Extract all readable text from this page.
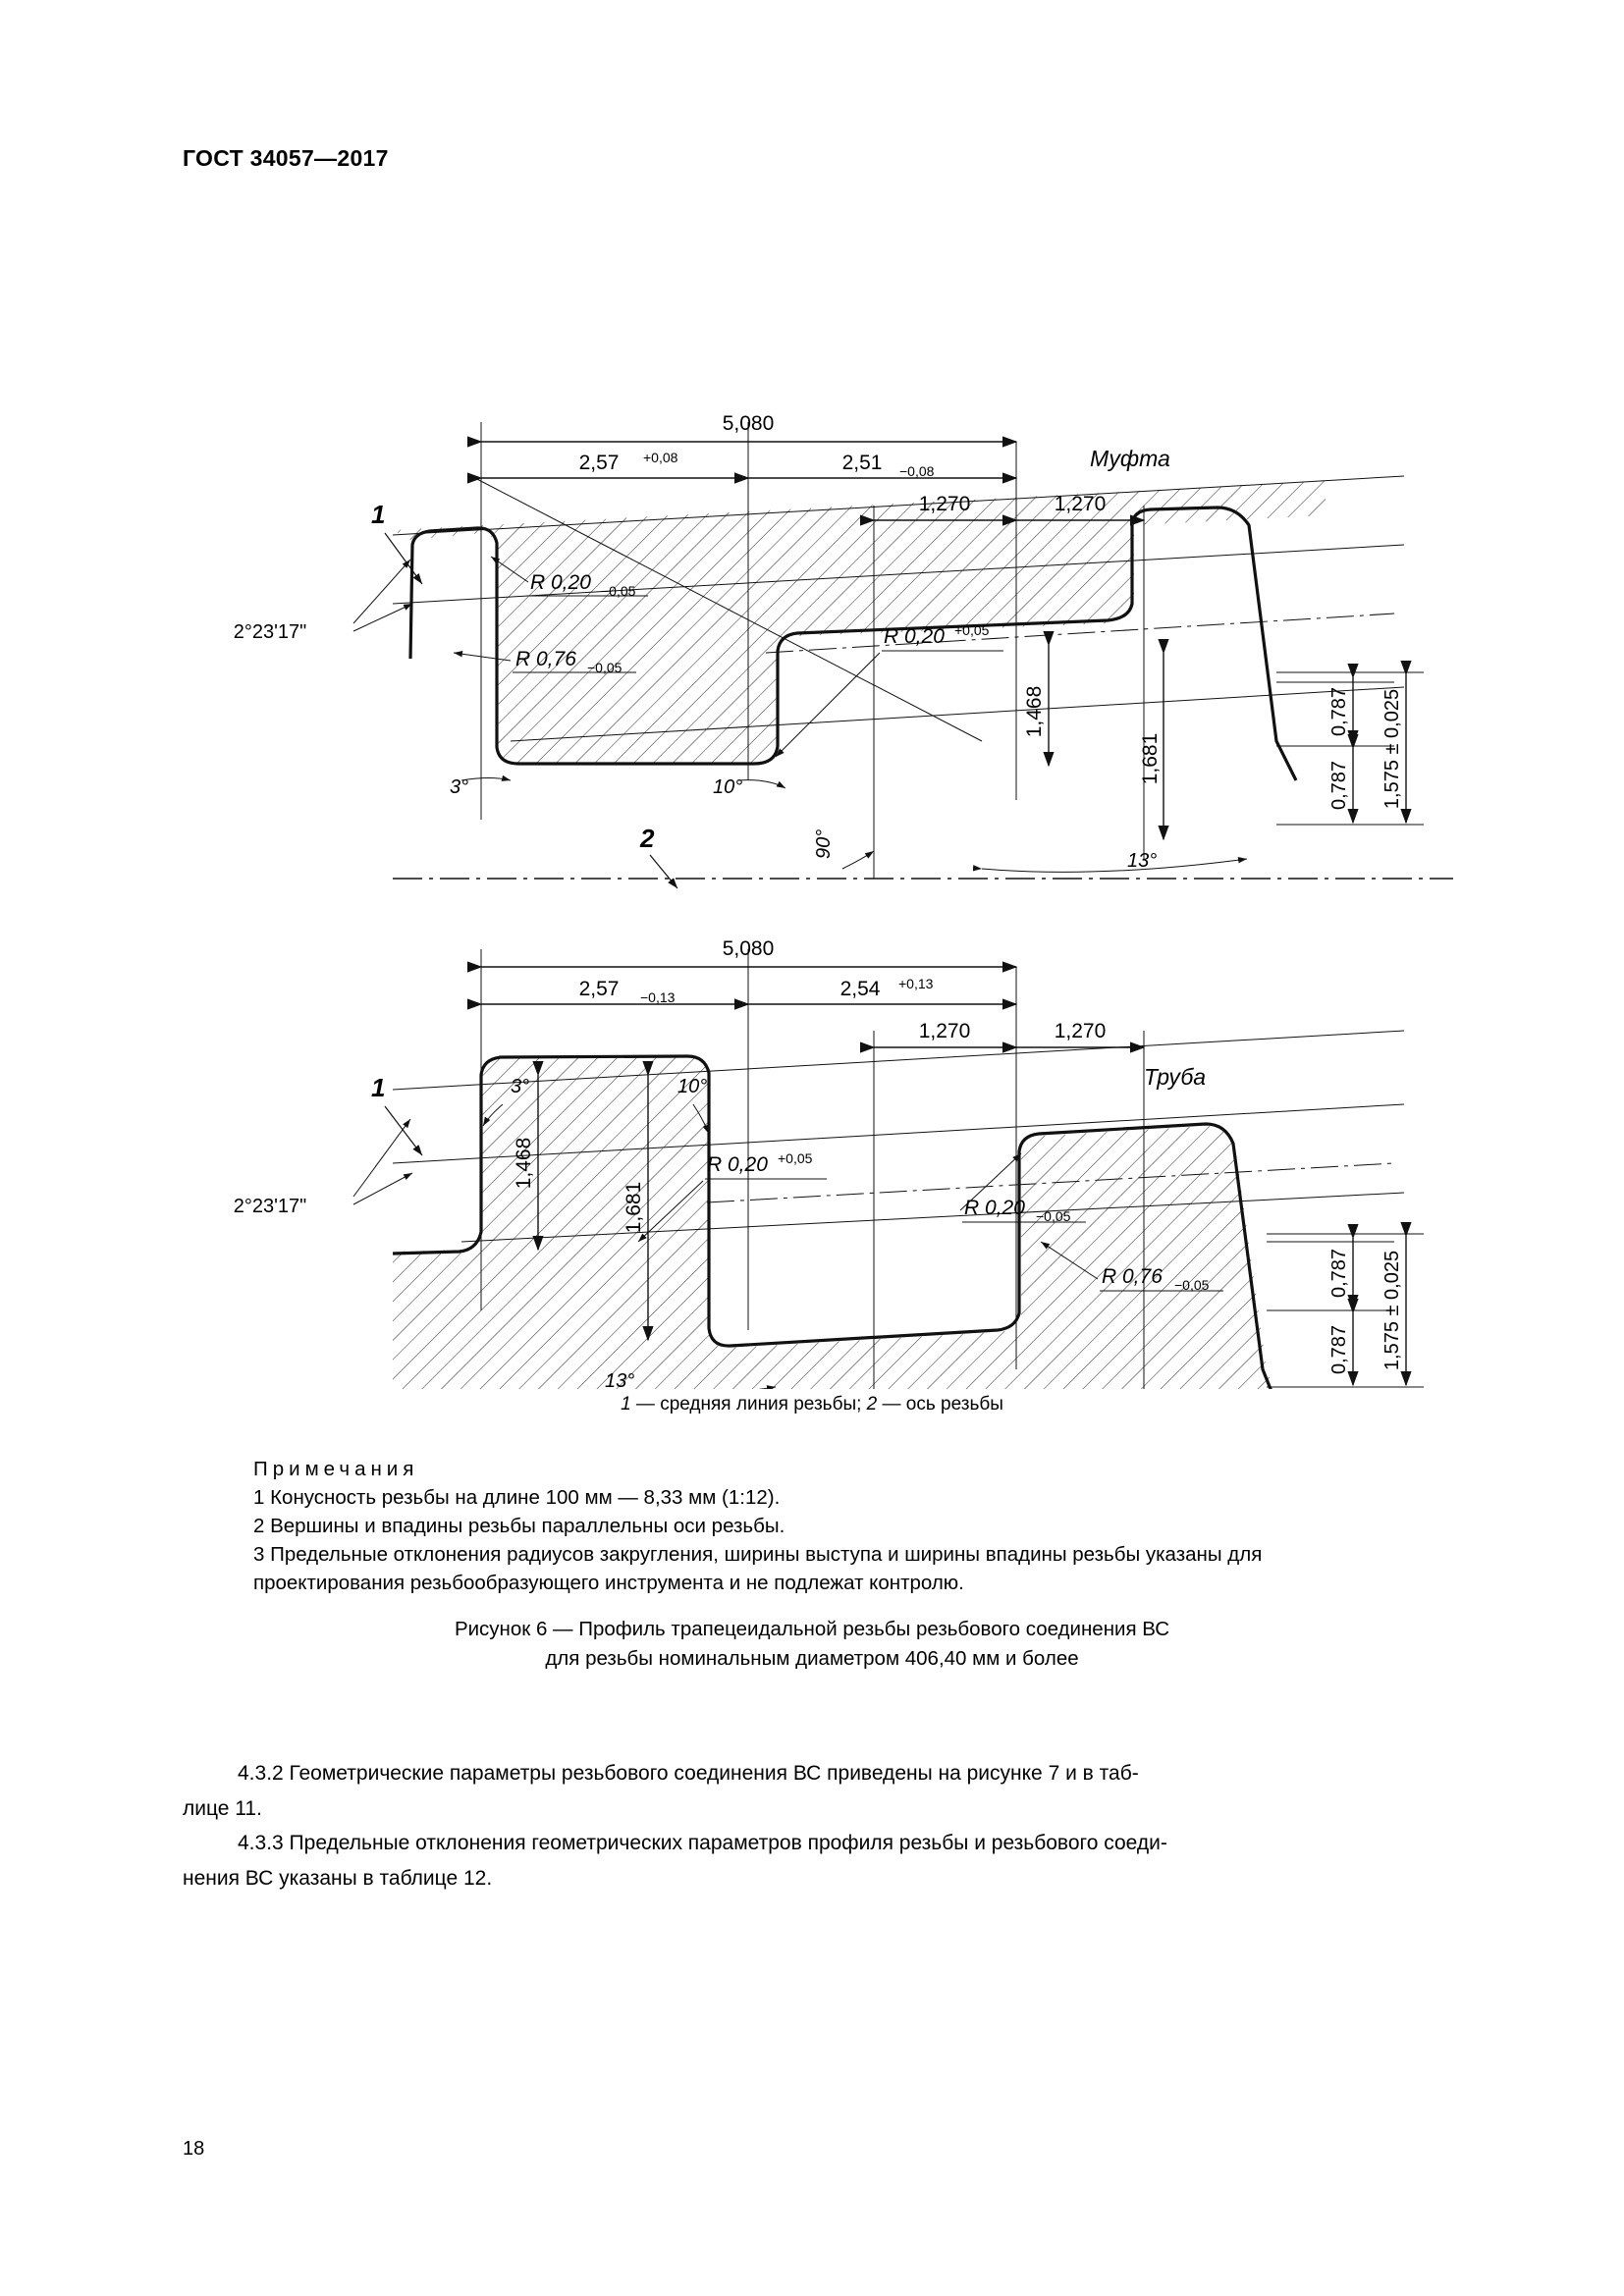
ГОСТ 34057—2017
5,080
2,57 +0,08	2,51 −0,08
1,270	1,270
Муфта
2°23'17"
1
2
R 0,20 −0,05
R 0,76 −0,05
R 0,20 +0,05
1,468
1,681
0,787
0,787 1,575 ± 0,025
3°	10°
90°
13°
5,080
2,57 −0,13	2,54 +0,13
1,270	1,270
Труба
2°23'17"
1
1,468
1,681
R 0,20 +0,05
R 0,20 −0,05
R 0,76 −0,05	0,787
0,787 1,575 ± 0,025
3°	10°
13°
1 — средняя линия резьбы; 2 — ось резьбы
Примечания
1 Конусность резьбы на длине 100 мм — 8,33 мм (1:12).
2 Вершины и впадины резьбы параллельны оси резьбы.
3 Предельные отклонения радиусов закругления, ширины выступа и ширины впадины резьбы указаны для проектирования резьбообразующего инструмента и не подлежат контролю.
Рисунок 6 — Профиль трапецеидальной резьбы резьбового соединения ВС
для резьбы номинальным диаметром 406,40 мм и более

4.3.2 Геометрические параметры резьбового соединения ВС приведены на рисунке 7 и в таб-

лице 11.

4.3.3 Предельные отклонения геометрических параметров профиля резьбы и резьбового соеди-

нения ВС указаны в таблице 12.

18
